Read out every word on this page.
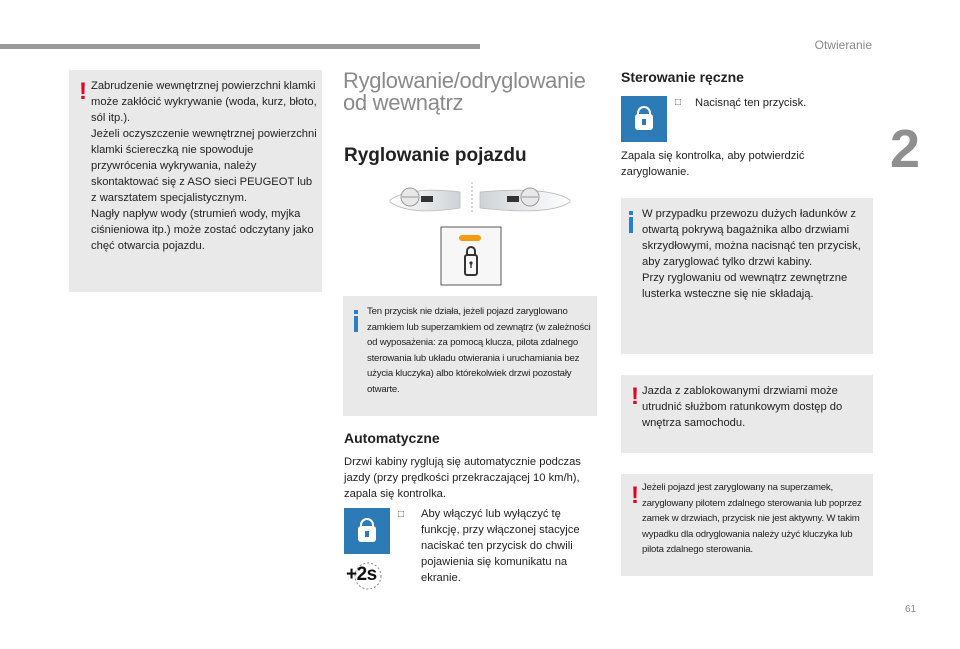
Otwieranie
2
61
! Zabrudzenie wewnętrznej powierzchni klamki może zakłócić wykrywanie (woda, kurz, błoto, sól itp.).
Jeżeli oczyszczenie wewnętrznej powierzchni klamki ściereczką nie spowoduje przywrócenia wykrywania, należy skontaktować się z ASO sieci PEUGEOT lub z warsztatem specjalistycznym.
Nagły napływ wody (strumień wody, myjka ciśnieniowa itp.) może zostać odczytany jako chęć otwarcia pojazdu.
Ryglowanie/odryglowanie od wewnątrz
Ryglowanie pojazdu
Ten przycisk nie działa, jeżeli pojazd zaryglowano zamkiem lub superzamkiem od zewnątrz (w zależności od wyposażenia: za pomocą klucza, pilota zdalnego sterowania lub układu otwierania i uruchamiania bez użycia kluczyka) albo którekolwiek drzwi pozostały otwarte.
Automatyczne
Drzwi kabiny ryglują się automatycznie podczas jazdy (przy prędkości przekraczającej 10 km/h), zapala się kontrolka.
+2s
□ Aby włączyć lub wyłączyć tę funkcję, przy włączonej stacyjce naciskać ten przycisk do chwili pojawienia się komunikatu na ekranie.
Sterowanie ręczne
□ Nacisnąć ten przycisk.
Zapala się kontrolka, aby potwierdzić zaryglowanie.
W przypadku przewozu dużych ładunków z otwartą pokrywą bagażnika albo drzwiami skrzydłowymi, można nacisnąć ten przycisk, aby zaryglować tylko drzwi kabiny.
Przy ryglowaniu od wewnątrz zewnętrzne lusterka wsteczne się nie składają.
! Jazda z zablokowanymi drzwiami może utrudnić służbom ratunkowym dostęp do wnętrza samochodu.
! Jeżeli pojazd jest zaryglowany na superzamek, zaryglowany pilotem zdalnego sterowania lub poprzez zamek w drzwiach, przycisk nie jest aktywny. W takim wypadku dla odryglowania należy użyć kluczyka lub pilota zdalnego sterowania.
